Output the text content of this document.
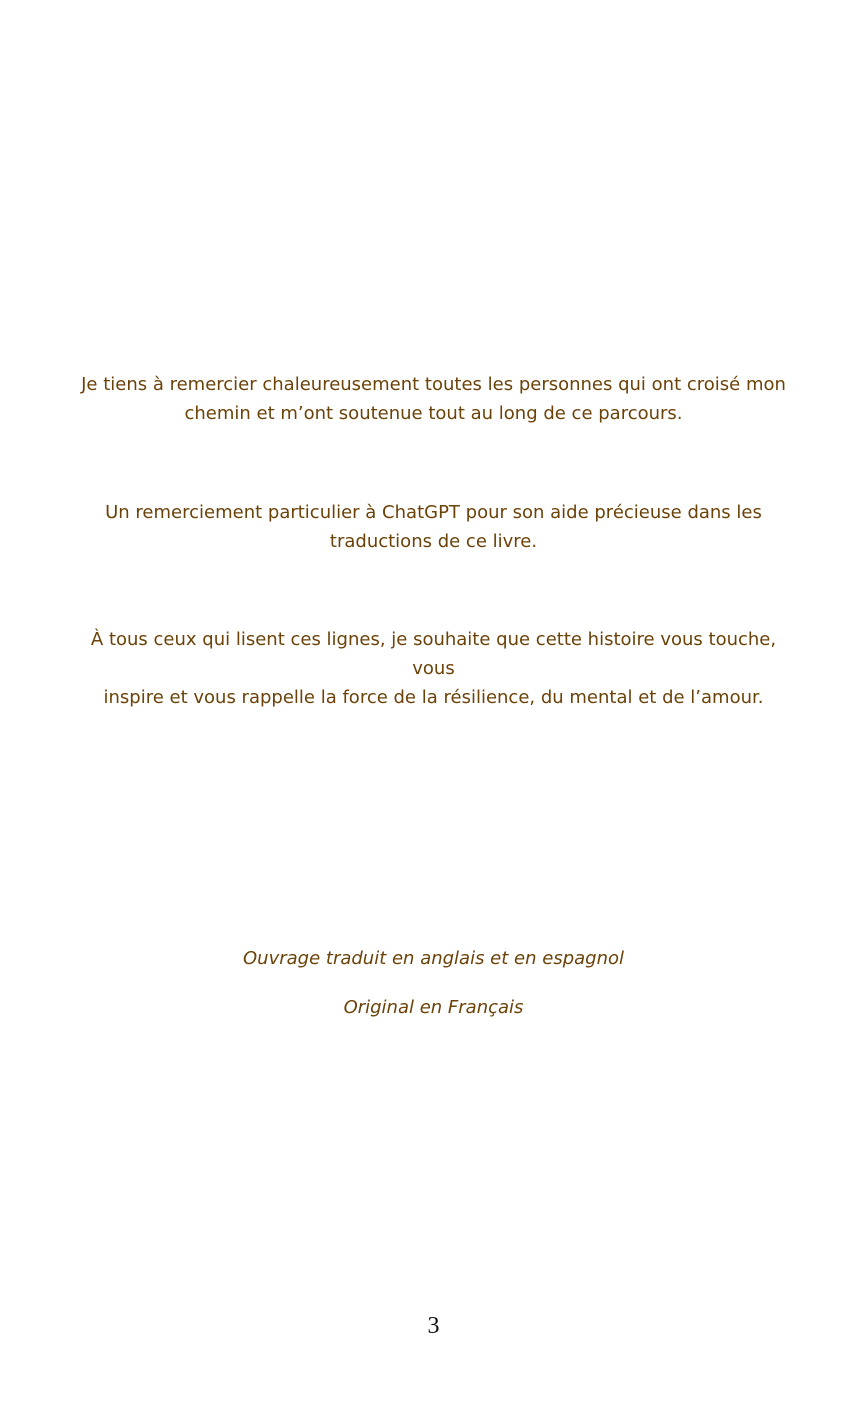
Je tiens à remercier chaleureusement toutes les personnes qui ont croisé mon
chemin et m’ont soutenue tout au long de ce parcours.

Un remerciement particulier à ChatGPT pour son aide précieuse dans les
traductions de ce livre.

À tous ceux qui lisent ces lignes, je souhaite que cette histoire vous touche, vous
inspire et vous rappelle la force de la résilience, du mental et de l’amour.

Ouvrage traduit en anglais et en espagnol

Original en Français

3
